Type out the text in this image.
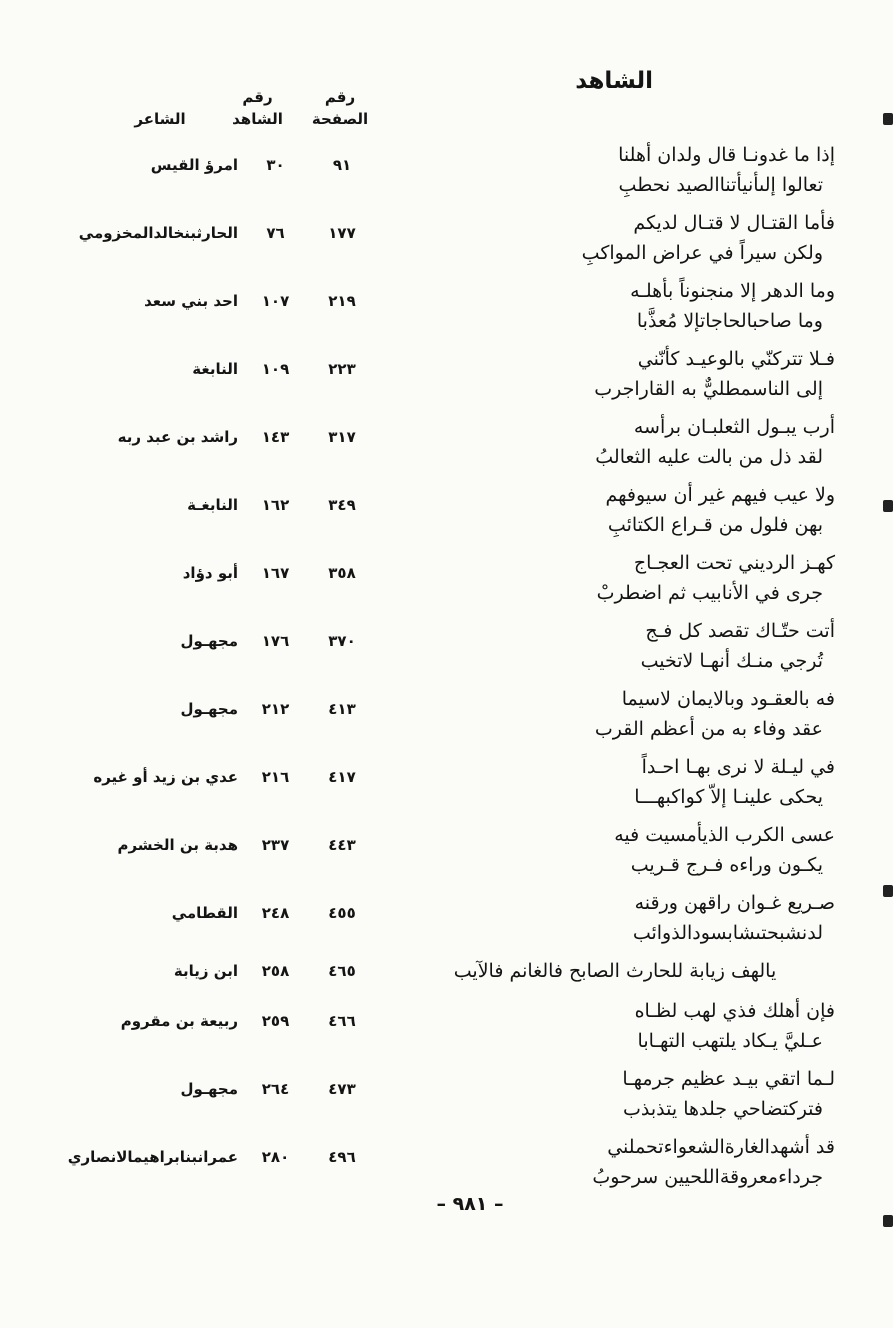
الشاهد
رقم
الصفحة
رقم
الشاهد
الشاعر
إذا ما غدونـا قال ولدان أهلنا
تعالوا إلىأنيأتناالصيد نحطبِ
٩١
٣٠
امرؤ القيس
فأما القتـال لا قتـال لديكم
ولكن سيراً في عراض المواكبِ
١٧٧
٧٦
الحارثبنخالدالمخزومي
وما الدهر إلا منجنوناً بأهلـه
وما صاحبالحاجاتإلا مُعذَّبا
٢١٩
١٠٧
احد بني سعد
فـلا تتركنّي بالوعيـد كأنّني
إلى الناسمطليٌّ به القاراجرب
٢٢٣
١٠٩
النابغة
أرب يبـول الثعلبـان برأسه
لقد ذل من بالت عليه الثعالبُ
٣١٧
١٤٣
راشد بن عبد ربه
ولا عيب فيهم غير أن سيوفهم
بهن فلول من قـراع الكتائبِ
٣٤٩
١٦٢
النابغـة
كهـز الرديني تحت العجـاج
جرى في الأنابيب ثم اضطربْ
٣٥٨
١٦٧
أبو دؤاد
أتت حتّـاك تقصد كل فـج
تُرجي منـك أنهـا لاتخيب
٣٧٠
١٧٦
مجهـول
فه بالعقـود وبالايمان لاسيما
عقد وفاء به من أعظم القرب
٤١٣
٢١٢
مجهـول
في ليـلة لا نرى بهـا احـداً
يحكى علينـا إلاّ كواكبهـــا
٤١٧
٢١٦
عدي بن زيد أو غيره
عسى الكرب الذيأمسيت فيه
يكـون وراءه فـرج قـريب
٤٤٣
٢٣٧
هدبة بن الخشرم
صـريع غـوان راقهن ورقنه
لدنشبحتىشابسودالذوائب
٤٥٥
٢٤٨
القطامي
يالهف زيابة للحارث الصابح فالغانم فالآيب
٤٦٥
٢٥٨
ابن زيابة
فإن أهلك فذي لهب لظـاه
عـليَّ يـكاد يلتهب التهـابا
٤٦٦
٢٥٩
ربيعة بن مقروم
لـما اتقي بيـد عظيم جرمهـا
فتركتضاحي جلدها يتذبذب
٤٧٣
٢٦٤
مجهـول
قد أشهدالغارةالشعواءتحملني
جرداءمعروقةاللحيين سرحوبُ
٤٩٦
٢٨٠
عمرانبنابراهيمالانصاري
– ٩٨١ –
